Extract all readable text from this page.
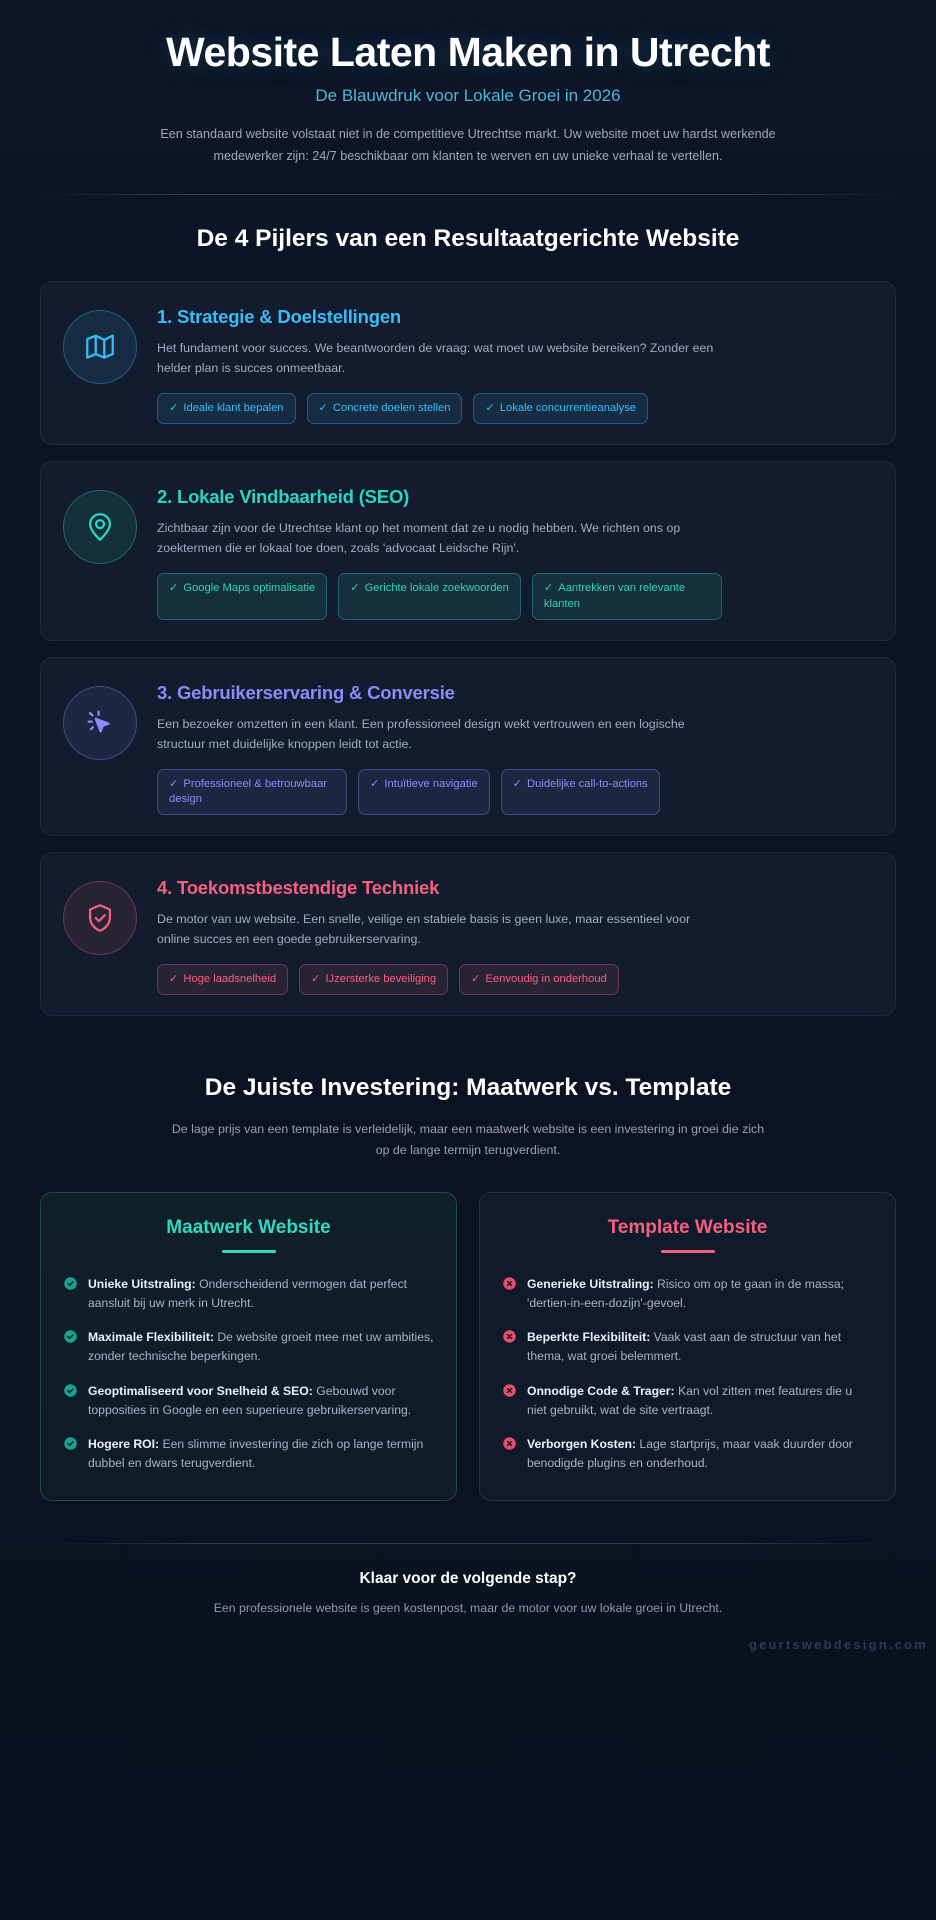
Website Laten Maken in Utrecht
De Blauwdruk voor Lokale Groei in 2026

Een standaard website volstaat niet in de competitieve Utrechtse markt. Uw website moet uw hardst werkende medewerker zijn: 24/7 beschikbaar om klanten te werven en uw unieke verhaal te vertellen.

De 4 Pijlers van een Resultaatgerichte Website
1. Strategie & Doelstellingen

Het fundament voor succes. We beantwoorden de vraag: wat moet uw website bereiken? Zonder een helder plan is succes onmeetbaar.

✓ Ideale klant bepalen	✓ Concrete doelen stellen	✓ Lokale concurrentieanalyse
2. Lokale Vindbaarheid (SEO)

Zichtbaar zijn voor de Utrechtse klant op het moment dat ze u nodig hebben. We richten ons op zoektermen die er lokaal toe doen, zoals 'advocaat Leidsche Rijn'.

✓ Google Maps optimalisatie	✓ Gerichte lokale zoekwoorden	✓ Aantrekken van relevante klanten
3. Gebruikerservaring & Conversie

Een bezoeker omzetten in een klant. Een professioneel design wekt vertrouwen en een logische structuur met duidelijke knoppen leidt tot actie.

✓ Professioneel & betrouwbaar design
✓ Intuïtieve navigatie	✓ Duidelijke call-to-actions
4. Toekomstbestendige Techniek

De motor van uw website. Een snelle, veilige en stabiele basis is geen luxe, maar essentieel voor online succes en een goede gebruikerservaring.

✓ Hoge laadsnelheid	✓ IJzersterke beveiliging	✓ Eenvoudig in onderhoud
De Juiste Investering: Maatwerk vs. Template

De lage prijs van een template is verleidelijk, maar een maatwerk website is een investering in groei die zich op de lange termijn terugverdient.

Maatwerk Website
Unieke Uitstraling: Onderscheidend vermogen dat perfect aansluit bij uw merk in Utrecht.
Maximale Flexibiliteit: De website groeit mee met uw ambities, zonder technische beperkingen.
Geoptimaliseerd voor Snelheid & SEO: Gebouwd voor topposities in Google en een superieure gebruikerservaring.
Hogere ROI: Een slimme investering die zich op lange termijn dubbel en dwars terugverdient.
Template Website
Generieke Uitstraling: Risico om op te gaan in de massa; 'dertien-in-een-dozijn'-gevoel.
Beperkte Flexibiliteit: Vaak vast aan de structuur van het thema, wat groei belemmert.
Onnodige Code & Trager: Kan vol zitten met features die u niet gebruikt, wat de site vertraagt.
Verborgen Kosten: Lage startprijs, maar vaak duurder door benodigde plugins en onderhoud.
Klaar voor de volgende stap?

Een professionele website is geen kostenpost, maar de motor voor uw lokale groei in Utrecht.

geurtswebdesign.com
